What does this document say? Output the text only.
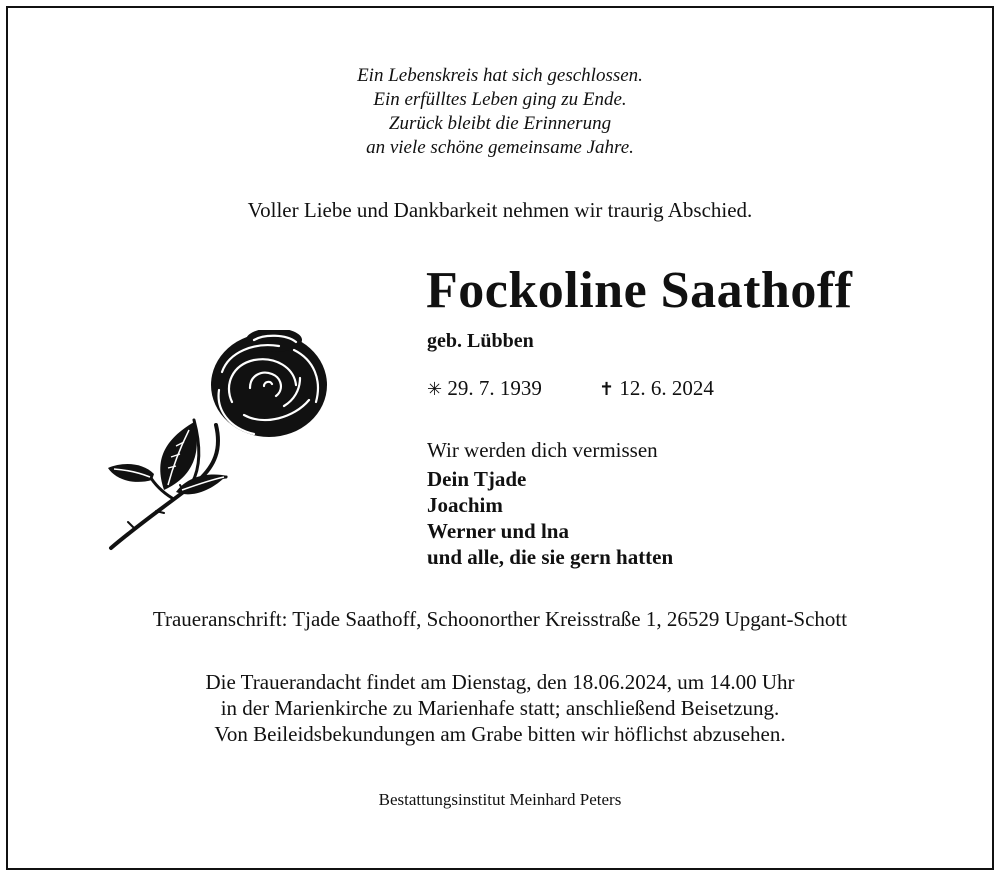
Ein Lebenskreis hat sich geschlossen.
Ein erfülltes Leben ging zu Ende.
Zurück bleibt die Erinnerung
an viele schöne gemeinsame Jahre.
Voller Liebe und Dankbarkeit nehmen wir traurig Abschied.
Fockoline Saathoff
geb. Lübben
✳ 29. 7. 1939	✝ 12. 6. 2024
Wir werden dich vermissen
Dein Tjade
Joachim
Werner und lna
und alle, die sie gern hatten
Traueranschrift: Tjade Saathoff, Schoonorther Kreisstraße 1, 26529 Upgant-Schott
Die Trauerandacht findet am Dienstag, den 18.06.2024, um 14.00 Uhr
in der Marienkirche zu Marienhafe statt; anschließend Beisetzung.
Von Beileidsbekundungen am Grabe bitten wir höflichst abzusehen.
Bestattungsinstitut Meinhard Peters
